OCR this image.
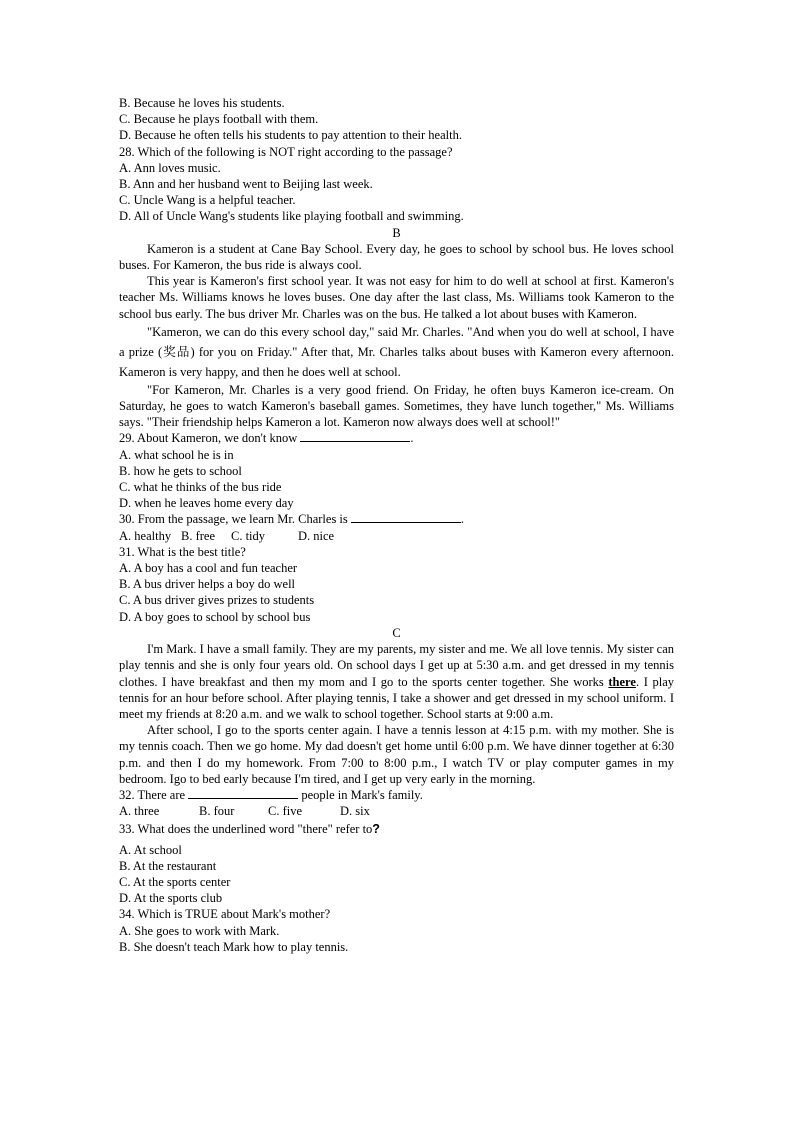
B. Because he loves his students.
C. Because he plays football with them.
D. Because he often tells his students to pay attention to their health.
28. Which of the following is NOT right according to the passage?
A. Ann loves music.
B. Ann and her husband went to Beijing last week.
C. Uncle Wang is a helpful teacher.
D. All of Uncle Wang's students like playing football and swimming.
B
Kameron is a student at Cane Bay School. Every day, he goes to school by school bus. He loves school buses. For Kameron, the bus ride is always cool.
This year is Kameron's first school year. It was not easy for him to do well at school at first. Kameron's teacher Ms. Williams knows he loves buses. One day after the last class, Ms. Williams took Kameron to the school bus early. The bus driver Mr. Charles was on the bus. He talked a lot about buses with Kameron.
"Kameron, we can do this every school day," said Mr. Charles. "And when you do well at school, I have a prize (奖品) for you on Friday." After that, Mr. Charles talks about buses with Kameron every afternoon. Kameron is very happy, and then he does well at school.
"For Kameron, Mr. Charles is a very good friend. On Friday, he often buys Kameron ice-cream. On Saturday, he goes to watch Kameron's baseball games. Sometimes, they have lunch together," Ms. Williams says. "Their friendship helps Kameron a lot. Kameron now always does well at school!"
29. About Kameron, we don't know	.
A. what school he is in
B. how he gets to school
C. what he thinks of the bus ride
D. when he leaves home every day
30. From the passage, we learn Mr. Charles is	.
A. healthy B. free C. tidy	D. nice
31. What is the best title?
A. A boy has a cool and fun teacher
B. A bus driver helps a boy do well
C. A bus driver gives prizes to students
D. A boy goes to school by school bus
C
I'm Mark. I have a small family. They are my parents, my sister and me. We all love tennis. My sister can play tennis and she is only four years old. On school days I get up at 5:30 a.m. and get dressed in my tennis clothes. I have breakfast and then my mom and I go to the sports center together. She works there. I play tennis for an hour before school. After playing tennis, I take a shower and get dressed in my school uniform. I meet my friends at 8:20 a.m. and we walk to school together. School starts at 9:00 a.m.
After school, I go to the sports center again. I have a tennis lesson at 4:15 p.m. with my mother. She is my tennis coach. Then we go home. My dad doesn't get home until 6:00 p.m. We have dinner together at 6:30 p.m. and then I do my homework. From 7:00 to 8:00 p.m., I watch TV or play computer games in my bedroom. Igo to bed early because I'm tired, and I get up very early in the morning.
32. There are	people in Mark's family.
A. three	B. four	C. five	D. six
33. What does the underlined word "there" refer to?
A. At school
B. At the restaurant
C. At the sports center
D. At the sports club
34. Which is TRUE about Mark's mother?
A. She goes to work with Mark.
B. She doesn't teach Mark how to play tennis.
